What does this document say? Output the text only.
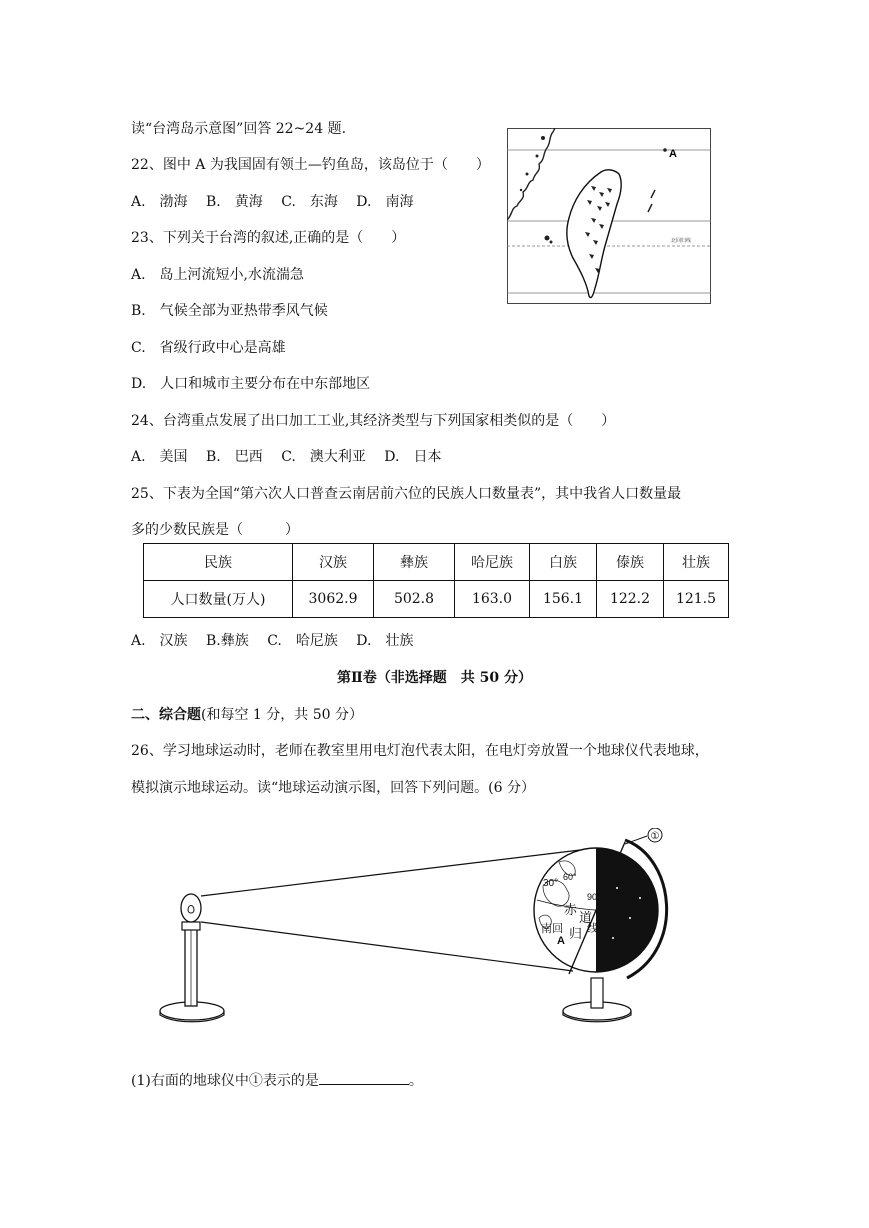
读“台湾岛示意图”回答 22~24 题.
22、图中 A 为我国固有领土—钓鱼岛，该岛位于（　　）
A.　渤海　 B.　黄海　 C.　东海　 D.　南海
23、下列关于台湾的叙述,正确的是（　　）
A.　岛上河流短小,水流湍急
B.　气候全部为亚热带季风气候
C.　省级行政中心是高雄
D.　人口和城市主要分布在中东部地区
24、台湾重点发展了出口加工工业,其经济类型与下列国家相类似的是（　　）
A.　美国　 B.　巴西　 C.　澳大利亚　 D.　日本
A
北回归线
25、下表为全国“第六次人口普查云南居前六位的民族人口数量表”，其中我省人口数量最
多的少数民族是（　　　）
民族	汉族	彝族	哈尼族	白族	傣族	壮族
人口数量(万人)	3062.9	502.8	163.0	156.1	122.2	121.5
A.　汉族　 B.彝族　 C.　哈尼族　 D.　壮族
第Ⅱ卷（非选择题　共 50 分）
二、综合题(和每空 1 分，共 50 分）
26、学习地球运动时，老师在教室里用电灯泡代表太阳，在电灯旁放置一个地球仪代表地球，
模拟演示地球运动。读“地球运动演示图，回答下列问题。(6 分）
①
30°
60°
90°
赤
道
南回 归 线
A
(1)右面的地球仪中①表示的是	。
